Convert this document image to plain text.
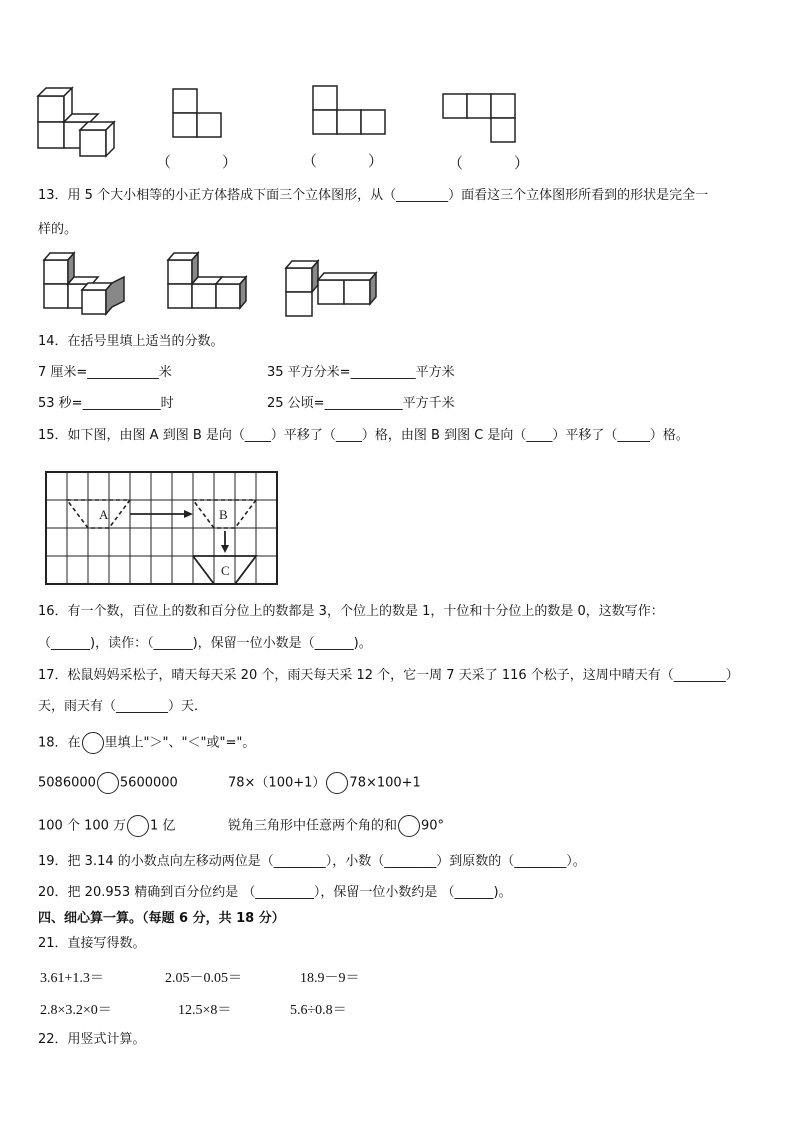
（	）	（	）	（	）
13．用 5 个大小相等的小正方体搭成下面三个立体图形，从（________）面看这三个立体图形所看到的形状是完全一
样的。
14．在括号里填上适当的分数。
7 厘米=___________米	35 平方分米=__________平方米
53 秒=____________时	25 公顷=____________平方千米
15．如下图，由图 A 到图 B 是向（____）平移了（____）格，由图 B 到图 C 是向（____）平移了（_____）格。
A	B
C
16．有一个数，百位上的数和百分位上的数都是 3，个位上的数是 1，十位和十分位上的数是 0，这数写作：
（______)，读作：（______)，保留一位小数是（______)。
17．松鼠妈妈采松子，晴天每天采 20 个，雨天每天采 12 个，它一周 7 天采了 116 个松子，这周中晴天有（________）
天，雨天有（________）天．
18．在 里填上"＞"、"＜"或"="。
5086000 5600000	78×（100+1） 78×100+1
100 个 100 万 1 亿	锐角三角形中任意两个角的和 90°
19．把 3.14 的小数点向左移动两位是（________），小数（________）到原数的（________）。
20．把 20.953 精确到百分位约是 （_________），保留一位小数约是 （______)。
四、细心算一算。（每题 6 分，共 18 分）
21．直接写得数。
3.61+1.3＝	2.05－0.05＝	18.9－9＝
2.8×3.2×0＝	12.5×8＝	5.6÷0.8＝
22．用竖式计算。
